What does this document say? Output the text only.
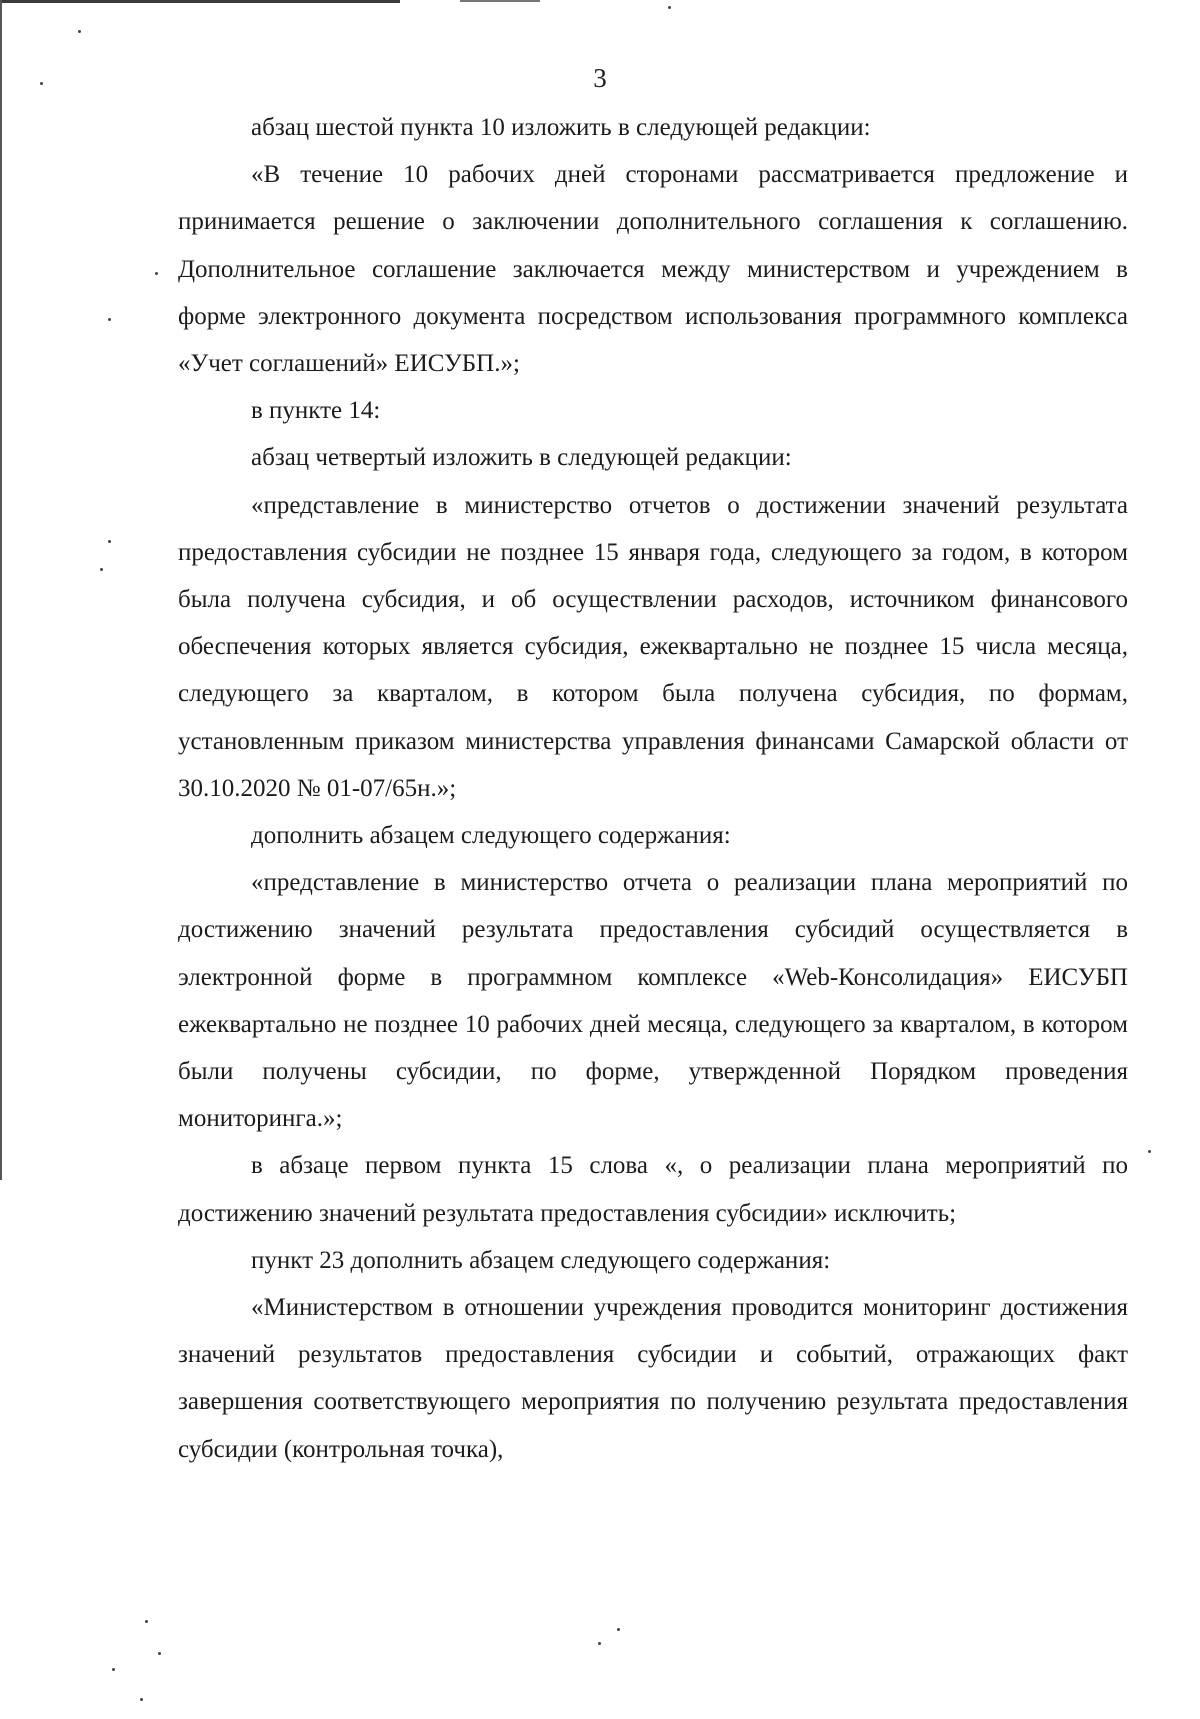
3

абзац шестой пункта 10 изложить в следующей редакции:

«В течение 10 рабочих дней сторонами рассматривается предложение и принимается решение о заключении дополнительного соглашения к соглашению. Дополнительное соглашение заключается между министерством и учреждением в форме электронного документа посредством использования программного комплекса «Учет соглашений» ЕИСУБП.»;

в пункте 14:

абзац четвертый изложить в следующей редакции:

«представление в министерство отчетов о достижении значений результата предоставления субсидии не позднее 15 января года, следующего за годом, в котором была получена субсидия, и об осуществлении расходов, источником финансового обеспечения которых является субсидия, ежеквартально не позднее 15 числа месяца, следующего за кварталом, в котором была получена субсидия, по формам, установленным приказом министерства управления финансами Самарской области от 30.10.2020 № 01-07/65н.»;

дополнить абзацем следующего содержания:

«представление в министерство отчета о реализации плана мероприятий по достижению значений результата предоставления субсидий осуществляется в электронной форме в программном комплексе «Web-Консолидация» ЕИСУБП ежеквартально не позднее 10 рабочих дней месяца, следующего за кварталом, в котором были получены субсидии, по форме, утвержденной Порядком проведения мониторинга.»;

в абзаце первом пункта 15 слова «, о реализации плана мероприятий по достижению значений результата предоставления субсидии» исключить;

пункт 23 дополнить абзацем следующего содержания:

«Министерством в отношении учреждения проводится мониторинг достижения значений результатов предоставления субсидии и событий, отражающих факт завершения соответствующего мероприятия по получению результата предоставления субсидии (контрольная точка),
